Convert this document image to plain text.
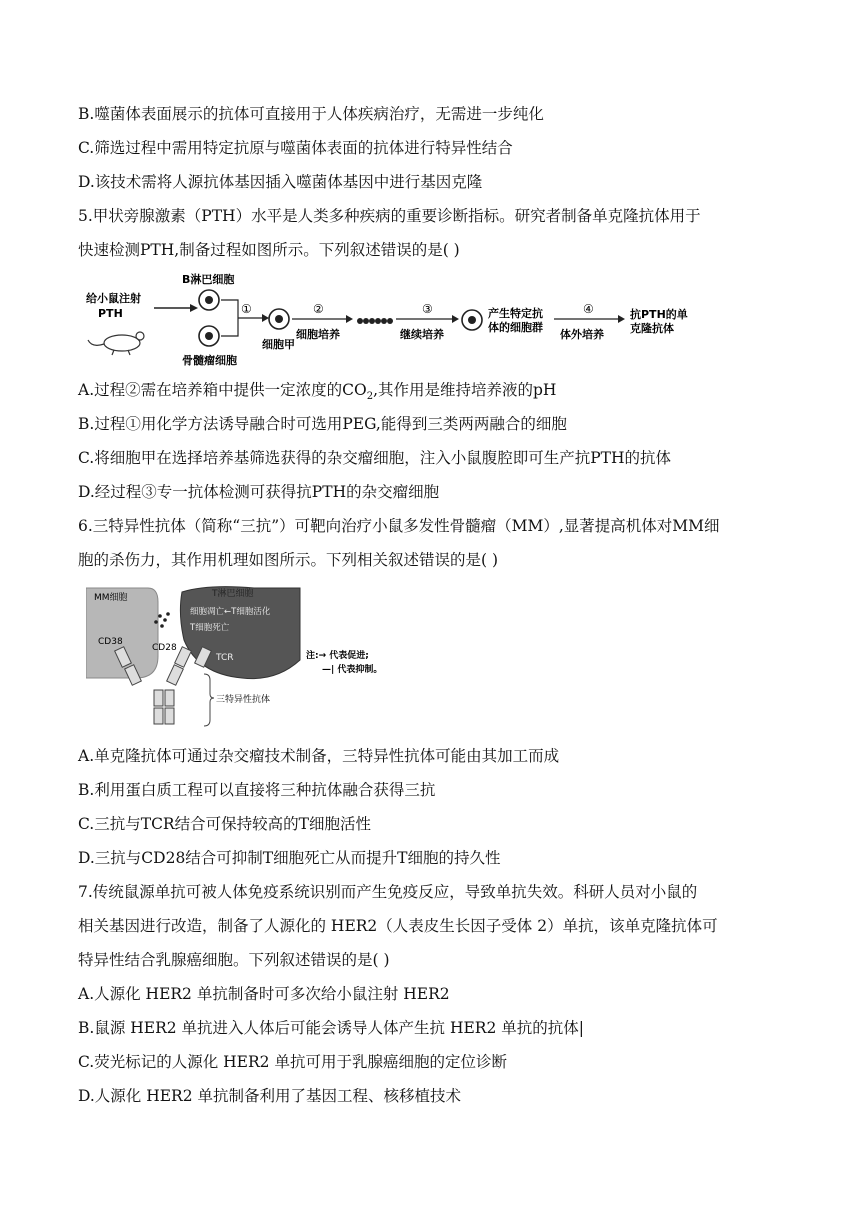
B.噬菌体表面展示的抗体可直接用于人体疾病治疗，无需进一步纯化
C.筛选过程中需用特定抗原与噬菌体表面的抗体进行特异性结合
D.该技术需将人源抗体基因插入噬菌体基因中进行基因克隆
5.甲状旁腺激素（PTH）水平是人类多种疾病的重要诊断指标。研究者制备单克隆抗体用于
快速检测PTH,制备过程如图所示。下列叙述错误的是( )
给小鼠注射
PTH
B淋巴细胞
骨髓瘤细胞
①
细胞甲
②
细胞培养
③
继续培养
产生特定抗
体的细胞群
④
体外培养
抗PTH的单
克隆抗体
A.过程②需在培养箱中提供一定浓度的$CO_2$,其作用是维持培养液的pH
B.过程①用化学方法诱导融合时可选用PEG,能得到三类两两融合的细胞
C.将细胞甲在选择培养基筛选获得的杂交瘤细胞，注入小鼠腹腔即可生产抗PTH的抗体
D.经过程③专一抗体检测可获得抗PTH的杂交瘤细胞
6.三特异性抗体（简称“三抗”）可靶向治疗小鼠多发性骨髓瘤（MM）,显著提高机体对MM细
胞的杀伤力，其作用机理如图所示。下列相关叙述错误的是( )
MM细胞
CD38
T淋巴细胞
细胞凋亡←T细胞活化
T细胞死亡
CD28
TCR
三特异性抗体
注:→ 代表促进;
—| 代表抑制。
A.单克隆抗体可通过杂交瘤技术制备，三特异性抗体可能由其加工而成
B.利用蛋白质工程可以直接将三种抗体融合获得三抗
C.三抗与TCR结合可保持较高的T细胞活性
D.三抗与CD28结合可抑制T细胞死亡从而提升T细胞的持久性
7.传统鼠源单抗可被人体免疫系统识别而产生免疫反应，导致单抗失效。科研人员对小鼠的
相关基因进行改造，制备了人源化的 HER2（人表皮生长因子受体 2）单抗，该单克隆抗体可
特异性结合乳腺癌细胞。下列叙述错误的是( )
A.人源化 HER2 单抗制备时可多次给小鼠注射 HER2
B.鼠源 HER2 单抗进入人体后可能会诱导人体产生抗 HER2 单抗的抗体|
C.荧光标记的人源化 HER2 单抗可用于乳腺癌细胞的定位诊断
D.人源化 HER2 单抗制备利用了基因工程、核移植技术
